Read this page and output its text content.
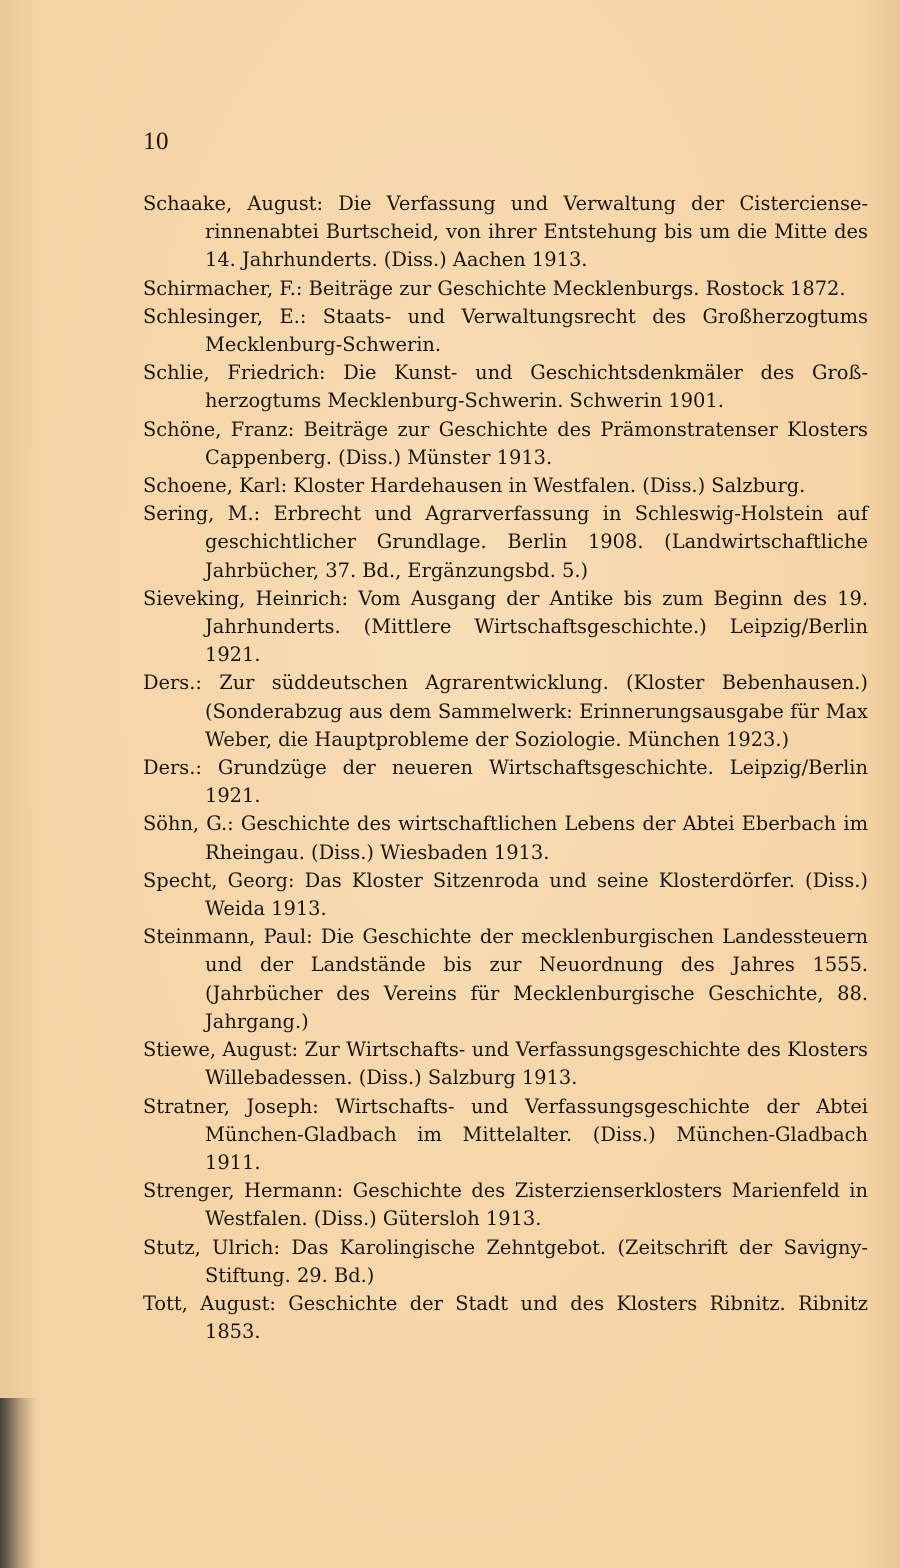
10

Schaake, August: Die Verfassung und Verwaltung der Cistercienserinnenabtei Burtscheid, von ihrer Entstehung bis um die Mitte des 14. Jahrhunderts. (Diss.) Aachen 1913.

Schirmacher, F.: Beiträge zur Geschichte Mecklenburgs. Rostock 1872.

Schlesinger, E.: Staats- und Verwaltungsrecht des Großherzogtums Mecklenburg-Schwerin.

Schlie, Friedrich: Die Kunst- und Geschichtsdenkmäler des Großherzogtums Mecklenburg-Schwerin. Schwerin 1901.

Schöne, Franz: Beiträge zur Geschichte des Prämonstratenser Klosters Cappenberg. (Diss.) Münster 1913.

Schoene, Karl: Kloster Hardehausen in Westfalen. (Diss.) Salzburg.

Sering, M.: Erbrecht und Agrarverfassung in Schleswig-Holstein auf geschichtlicher Grundlage. Berlin 1908. (Landwirtschaftliche Jahrbücher, 37. Bd., Ergänzungsbd. 5.)

Sieveking, Heinrich: Vom Ausgang der Antike bis zum Beginn des 19. Jahrhunderts. (Mittlere Wirtschaftsgeschichte.) Leipzig/Berlin 1921.

Ders.: Zur süddeutschen Agrarentwicklung. (Kloster Bebenhausen.) (Sonderabzug aus dem Sammelwerk: Erinnerungsausgabe für Max Weber, die Hauptprobleme der Soziologie. München 1923.)

Ders.: Grundzüge der neueren Wirtschaftsgeschichte. Leipzig/Berlin 1921.

Söhn, G.: Geschichte des wirtschaftlichen Lebens der Abtei Eberbach im Rheingau. (Diss.) Wiesbaden 1913.

Specht, Georg: Das Kloster Sitzenroda und seine Klosterdörfer. (Diss.) Weida 1913.

Steinmann, Paul: Die Geschichte der mecklenburgischen Landessteuern und der Landstände bis zur Neuordnung des Jahres 1555. (Jahrbücher des Vereins für Mecklenburgische Geschichte, 88. Jahrgang.)

Stiewe, August: Zur Wirtschafts- und Verfassungsgeschichte des Klosters Willebadessen. (Diss.) Salzburg 1913.

Stratner, Joseph: Wirtschafts- und Verfassungsgeschichte der Abtei München-Gladbach im Mittelalter. (Diss.) München-Gladbach 1911.

Strenger, Hermann: Geschichte des Zisterzienserklosters Marienfeld in Westfalen. (Diss.) Gütersloh 1913.

Stutz, Ulrich: Das Karolingische Zehntgebot. (Zeitschrift der Savigny-Stiftung. 29. Bd.)

Tott, August: Geschichte der Stadt und des Klosters Ribnitz. Ribnitz 1853.
